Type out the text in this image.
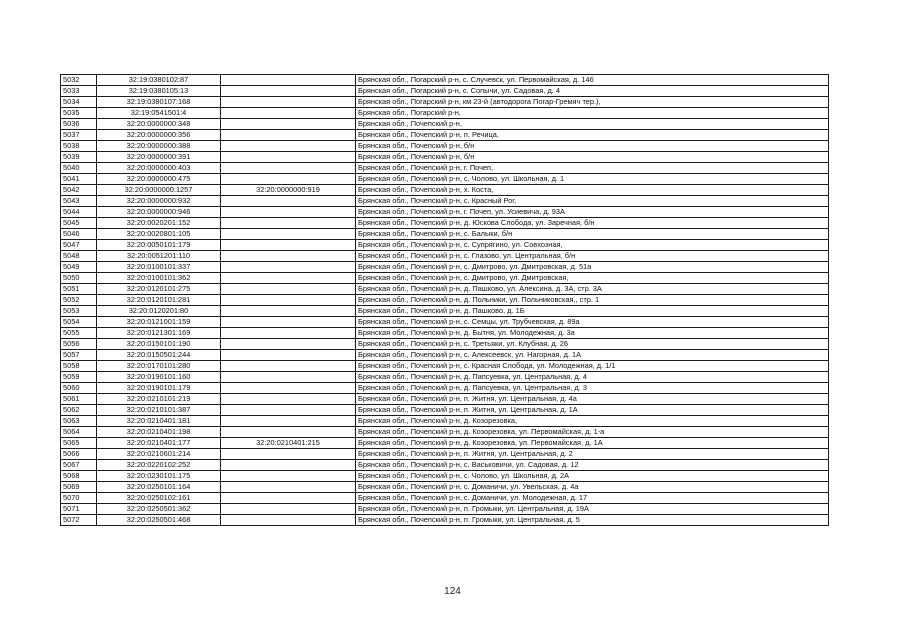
5032	32:19:0380102:87		Брянская обл., Погарский р-н, с. Случевск, ул. Первомайская, д. 146
5033	32:19:0380105:13		Брянская обл., Погарский р-н, с. Сопычи, ул. Садовая, д. 4
5034	32:19:0380107:168		Брянская обл., Погарский р-н, км 23-й (автодорога Погар-Гремяч тер.),
5035	32:19:0541501:4		Брянская обл., Погарский р-н,
5036	32:20:0000000:348		Брянская обл., Почепский р-н,
5037	32:20:0000000:356		Брянская обл., Почепский р-н, п. Речица,
5038	32:20:0000000:388		Брянская обл., Почепский р-н, б/н
5039	32:20:0000000:391		Брянская обл., Почепский р-н, б/н
5040	32:20:0000000:403		Брянская обл., Почепский р-н, г. Почеп,
5041	32:20:0000000:475		Брянская обл., Почепский р-н, с. Чолово, ул. Школьная, д. 1
5042	32:20:0000000:1257	32:20:0000000:919	Брянская обл., Почепский р-н, х. Коста,
5043	32:20:0000000:932		Брянская обл., Почепский р-н, с. Красный Рог,
5044	32:20:0000000:946		Брянская обл., Почепский р-н, г. Почеп, ул. Усиевича, д. 93А
5045	32:20:0020201:152		Брянская обл., Почепский р-н, д. Юскова Слобода, ул. Заречная, б/н
5046	32:20:0020801:105		Брянская обл., Почепский р-н, с. Балыки, б/н
5047	32:20:0050101:179		Брянская обл., Почепский р-н, с. Супрягино, ул. Совхозная,
5048	32:20:0051201:110		Брянская обл., Почепский р-н, с. Глазово, ул. Центральная, б/н
5049	32:20:0100101:337		Брянская обл., Почепский р-н, с. Дмитрово, ул. Дмитровская, д. 51а
5050	32:20:0100101:362		Брянская обл., Почепский р-н, с. Дмитрово, ул. Дмитровская,
5051	32:20:0120101:275		Брянская обл., Почепский р-н, д. Пашково, ул. Алексина, д. 3А, стр. 3А
5052	32:20:0120101:281		Брянская обл., Почепский р-н, д. Польники, ул. Польниковская,, стр. 1
5053	32:20:0120201:80		Брянская обл., Почепский р-н, д. Пашково, д. 1Б
5054	32:20:0121001:159		Брянская обл., Почепский р-н, с. Семцы, ул. Трубчевская, д. 89а
5055	32:20:0121301:169		Брянская обл., Почепский р-н, д. Бытня, ул. Молодежная, д. 3а
5056	32:20:0150101:190		Брянская обл., Почепский р-н, с. Третьяки, ул. Клубная, д. 26
5057	32:20:0150501:244		Брянская обл., Почепский р-н, с. Алексеевск, ул. Нагорная, д. 1А
5058	32:20:0170101:280		Брянская обл., Почепский р-н, с. Красная Слобода, ул. Молодежная, д. 1/1
5059	32:20:0190101:160		Брянская обл., Почепский р-н, д. Папсуевка, ул. Центральная, д. 4
5060	32:20:0190101:179		Брянская обл., Почепский р-н, д. Папсуевка, ул. Центральная, д. 3
5061	32:20:0210101:219		Брянская обл., Почепский р-н, п. Житня, ул. Центральная, д. 4а
5062	32:20:0210101:387		Брянская обл., Почепский р-н, п. Житня, ул. Центральная, д. 1А
5063	32:20:0210401:181		Брянская обл., Почепский р-н, д. Козорезовка,
5064	32:20:0210401:198		Брянская обл., Почепский р-н, д. Козорезовка, ул. Первомайская, д. 1-а
5065	32:20:0210401:177	32:20:0210401:215	Брянская обл., Почепский р-н, д. Козорезовка, ул. Первомайская, д. 1А
5066	32:20:0210601:214		Брянская обл., Почепский р-н, п. Житня, ул. Центральная, д. 2
5067	32:20:0220102:252		Брянская обл., Почепский р-н, с. Васьковичи, ул. Садовая, д. 12
5068	32:20:0230101:175		Брянская обл., Почепский р-н, с. Чолово, ул. Школьная, д. 2А
5069	32:20:0250101:164		Брянская обл., Почепский р-н, с. Доманичи, ул. Увельская, д. 4а
5070	32:20:0250102:161		Брянская обл., Почепский р-н, с. Доманичи, ул. Молодежная, д. 17
5071	32:20:0250501:362		Брянская обл., Почепский р-н, п. Громыки, ул. Центральная, д. 19А
5072	32:20:0250501:468		Брянская обл., Почепский р-н, п. Громыки, ул. Центральная, д. 5
124
